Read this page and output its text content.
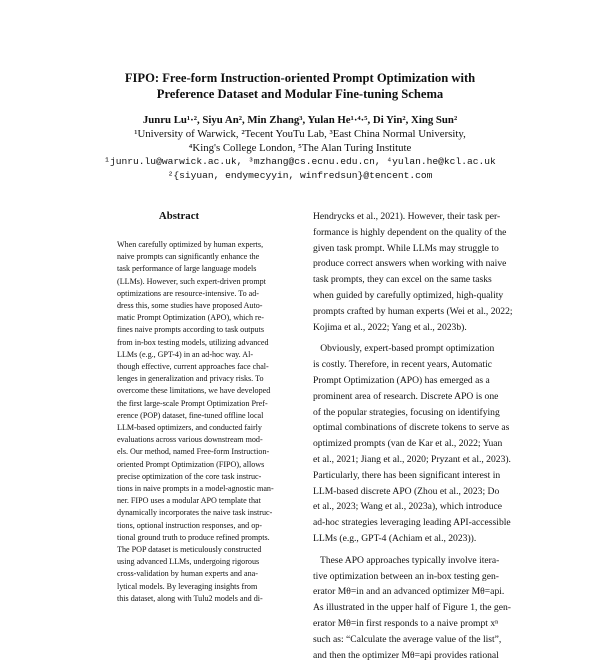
FIPO: Free-form Instruction-oriented Prompt Optimization with
Preference Dataset and Modular Fine-tuning Schema
Junru Lu¹·², Siyu An², Min Zhang³, Yulan He¹·⁴·⁵, Di Yin², Xing Sun²
¹University of Warwick, ²Tecent YouTu Lab, ³East China Normal University,
⁴King's College London, ⁵The Alan Turing Institute
¹junru.lu@warwick.ac.uk, ³mzhang@cs.ecnu.edu.cn, ⁴yulan.he@kcl.ac.uk
²{siyuan, endymecyyin, winfredsun}@tencent.com
Abstract
When carefully optimized by human experts,
naive prompts can significantly enhance the
task performance of large language models
(LLMs). However, such expert-driven prompt
optimizations are resource-intensive. To ad-
dress this, some studies have proposed Auto-
matic Prompt Optimization (APO), which re-
fines naive prompts according to task outputs
from in-box testing models, utilizing advanced
LLMs (e.g., GPT-4) in an ad-hoc way. Al-
though effective, current approaches face chal-
lenges in generalization and privacy risks. To
overcome these limitations, we have developed
the first large-scale Prompt Optimization Pref-
erence (POP) dataset, fine-tuned offline local
LLM-based optimizers, and conducted fairly
evaluations across various downstream mod-
els. Our method, named Free-form Instruction-
oriented Prompt Optimization (FIPO), allows
precise optimization of the core task instruc-
tions in naive prompts in a model-agnostic man-
ner. FIPO uses a modular APO template that
dynamically incorporates the naive task instruc-
tions, optional instruction responses, and op-
tional ground truth to produce refined prompts.
The POP dataset is meticulously constructed
using advanced LLMs, undergoing rigorous
cross-validation by human experts and ana-
lytical models. By leveraging insights from
this dataset, along with Tulu2 models and di-
Hendrycks et al., 2021). However, their task per-
formance is highly dependent on the quality of the
given task prompt. While LLMs may struggle to
produce correct answers when working with naive
task prompts, they can excel on the same tasks
when guided by carefully optimized, high-quality
prompts crafted by human experts (Wei et al., 2022;
Kojima et al., 2022; Yang et al., 2023b).
Obviously, expert-based prompt optimization
is costly. Therefore, in recent years, Automatic
Prompt Optimization (APO) has emerged as a
prominent area of research. Discrete APO is one
of the popular strategies, focusing on identifying
optimal combinations of discrete tokens to serve as
optimized prompts (van de Kar et al., 2022; Yuan
et al., 2021; Jiang et al., 2020; Pryzant et al., 2023).
Particularly, there has been significant interest in
LLM-based discrete APO (Zhou et al., 2023; Do
et al., 2023; Wang et al., 2023a), which introduce
ad-hoc strategies leveraging leading API-accessible
LLMs (e.g., GPT-4 (Achiam et al., 2023)).
These APO approaches typically involve itera-
tive optimization between an in-box testing gen-
erator Mθ=in and an advanced optimizer Mθ=api.
As illustrated in the upper half of Figure 1, the gen-
erator Mθ=in first responds to a naive prompt xⁿ
such as: “Calculate the average value of the list”,
and then the optimizer Mθ=api provides rational
